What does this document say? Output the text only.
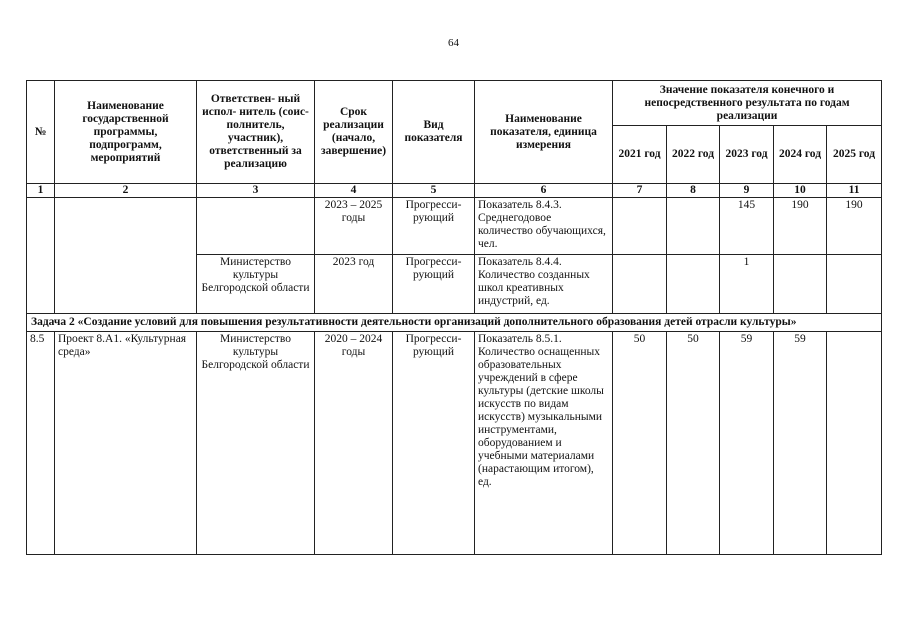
64
№	Наименование государственной программы, подпрограмм, мероприятий	Ответствен- ный испол- нитель (соис- полнитель, участник), ответственный за реализацию	Срок реализации (начало, завершение)	Вид показателя	Наименование показателя, единица измерения	Значение показателя конечного и непосредственного результата по годам реализации				
						2021 год	2022 год	2023 год	2024 год	2025 год
1	2	3	4	5	6	7	8	9	10	11
			2023 – 2025 годы	Прогресси- рующий	Показатель 8.4.3. Среднегодовое количество обучающихся, чел.			145	190	190
		Министерство культуры Белгородской области	2023 год	Прогресси- рующий	Показатель 8.4.4. Количество созданных школ креативных индустрий, ед.			1		
Задача 2 «Создание условий для повышения результативности деятельности организаций дополнительного образования детей отрасли культуры»										
8.5	Проект 8.А1. «Культурная среда»	Министерство культуры Белгородской области	2020 – 2024 годы	Прогресси- рующий	Показатель 8.5.1. Количество оснащенных образовательных учреждений в сфере культуры (детские школы искусств по видам искусств) музыкальными инструментами, оборудованием и учебными материалами (нарастающим итогом), ед.	50	50	59	59	
